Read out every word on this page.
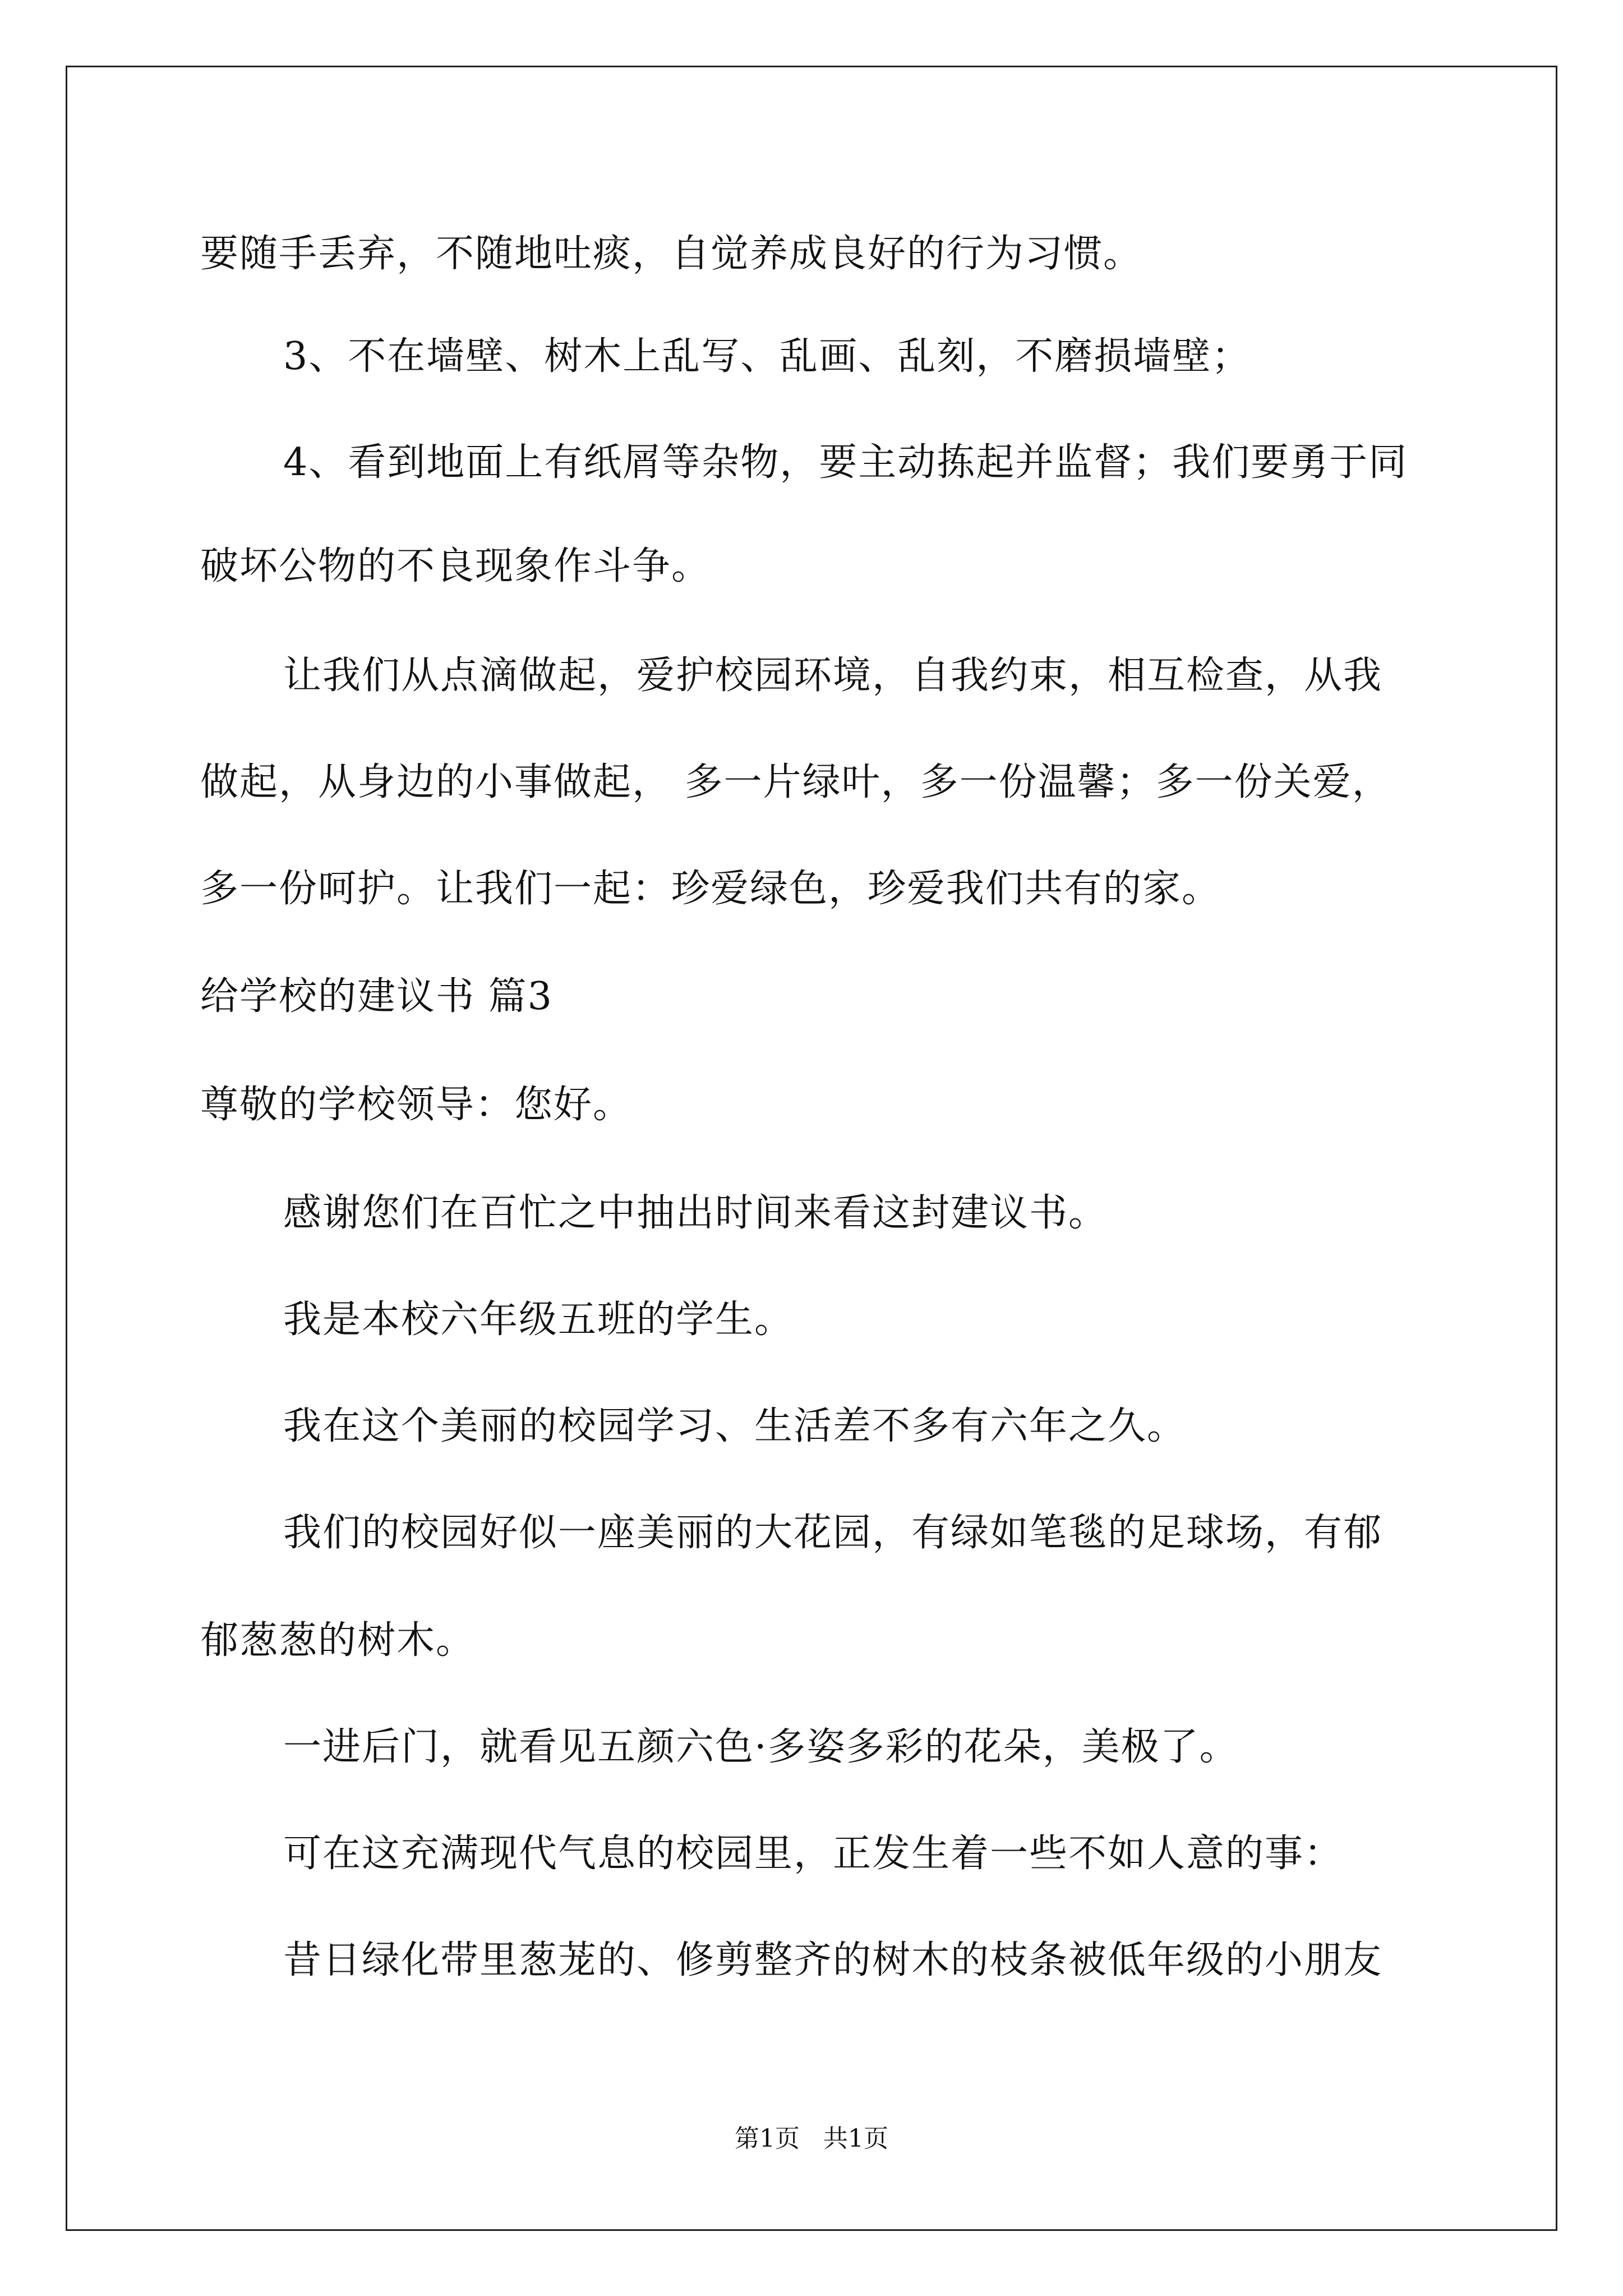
要随手丢弃，不随地吐痰，自觉养成良好的行为习惯。
3、不在墙壁、树木上乱写、乱画、乱刻，不磨损墙壁；
4、看到地面上有纸屑等杂物，要主动拣起并监督；我们要勇于同
破坏公物的不良现象作斗争。
让我们从点滴做起，爱护校园环境，自我约束，相互检查，从我
做起，从身边的小事做起， 多一片绿叶，多一份温馨；多一份关爱，
多一份呵护。让我们一起：珍爱绿色，珍爱我们共有的家。
给学校的建议书 篇3
尊敬的学校领导：您好。
感谢您们在百忙之中抽出时间来看这封建议书。
我是本校六年级五班的学生。
我在这个美丽的校园学习、生活差不多有六年之久。
我们的校园好似一座美丽的大花园，有绿如笔毯的足球场，有郁
郁葱葱的树木。
一进后门，就看见五颜六色·多姿多彩的花朵，美极了。
可在这充满现代气息的校园里，正发生着一些不如人意的事：
昔日绿化带里葱茏的、修剪整齐的树木的枝条被低年级的小朋友
第1页 共1页
